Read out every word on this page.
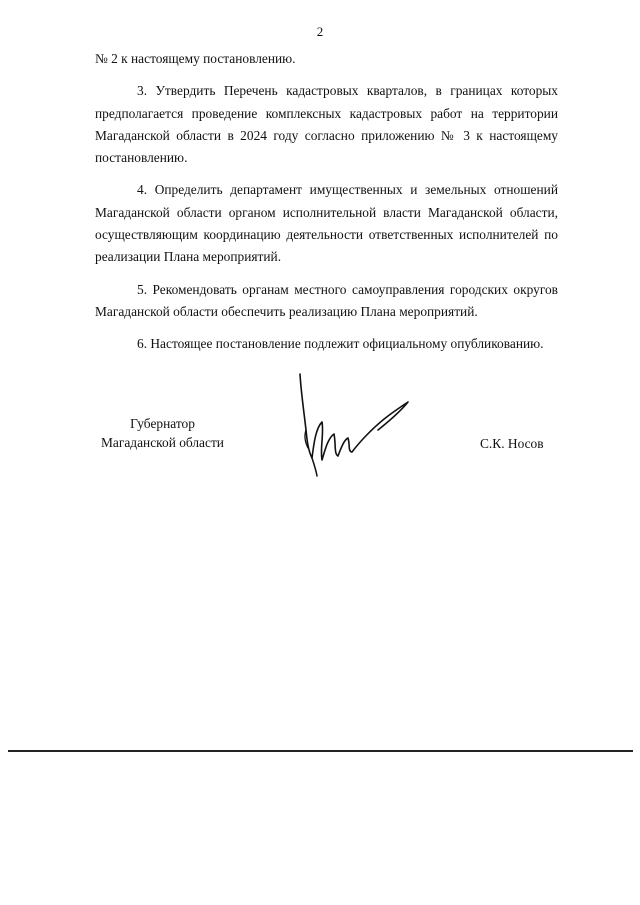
2

№ 2 к настоящему постановлению.

3. Утвердить Перечень кадастровых кварталов, в границах которых предполагается проведение комплексных кадастровых работ на территории Магаданской области в 2024 году согласно приложению № 3 к настоящему постановлению.

4. Определить департамент имущественных и земельных отношений Магаданской области органом исполнительной власти Магаданской области, осуществляющим координацию деятельности ответственных исполнителей по реализации Плана мероприятий.

5. Рекомендовать органам местного самоуправления городских округов Магаданской области обеспечить реализацию Плана мероприятий.

6. Настоящее постановление подлежит официальному опубликованию.

Губернатор
Магаданской области	С.К. Носов
